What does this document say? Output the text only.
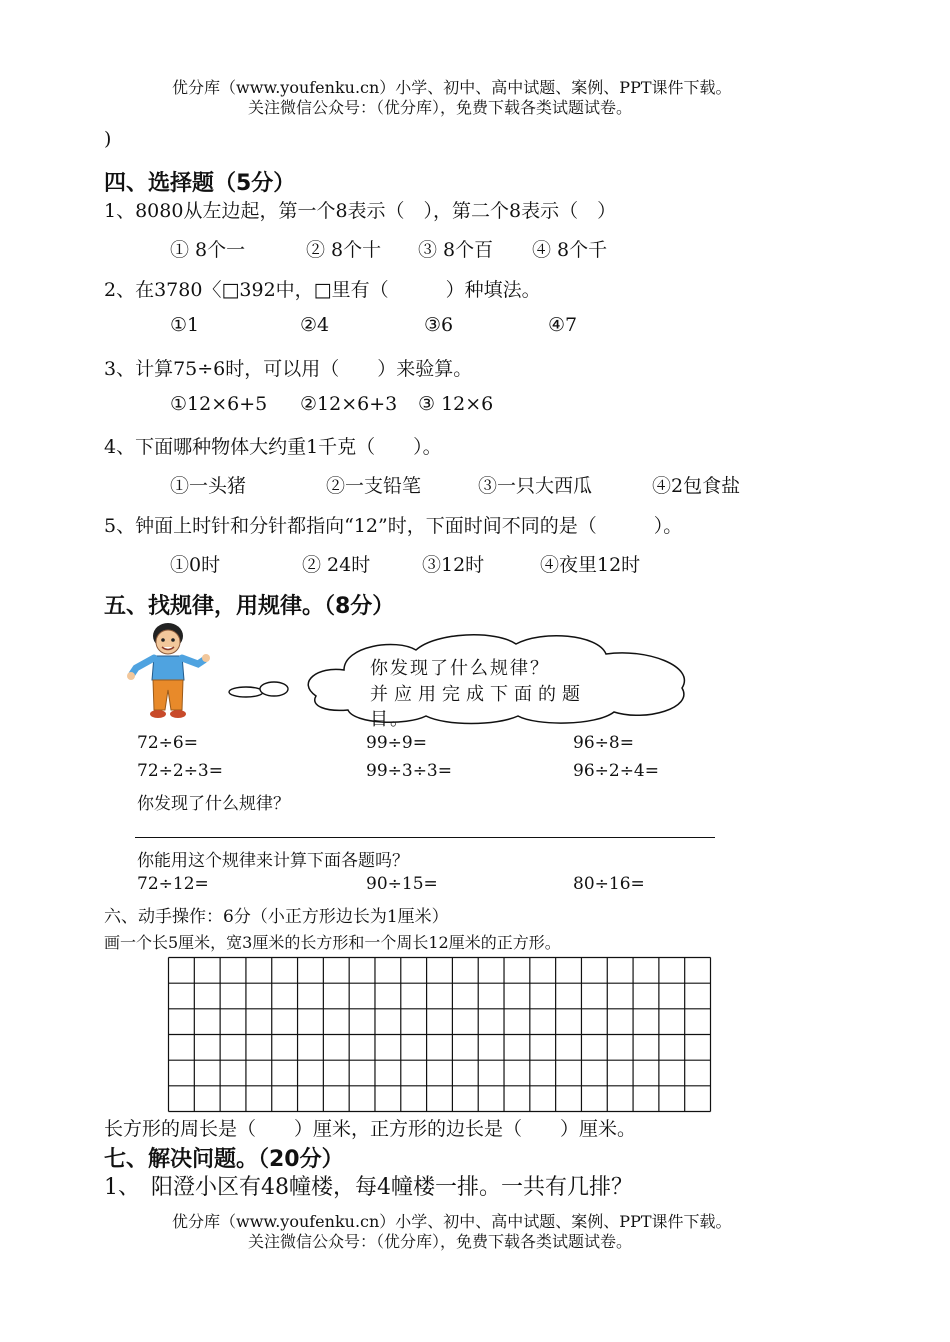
优分库（www.youfenku.cn）小学、初中、高中试题、案例、PPT课件下载。
关注微信公众号：（优分库），免费下载各类试题试卷。
)
四、选择题（5分）
1、8080从左边起，第一个8表示（　），第二个8表示（　）
① 8个一	② 8个十 ③ 8个百 ④ 8个千
2、在3780〈□392中，□里有（　　　）种填法。
①1	②4	③6	④7
3、计算75÷6时，可以用（　　）来验算。
①12×6+5 ②12×6+3 ③ 12×6
4、下面哪种物体大约重1千克（　　）。
①一头猪	②一支铅笔	③一只大西瓜	④2包食盐
5、钟面上时针和分针都指向“12”时，下面时间不同的是（　　　）。
①0时	② 24时	③12时	④夜里12时
五、找规律，用规律。（8分）
你发现了什么规律？
并应用完成下面的题
目。
72÷6=	99÷9=	96÷8=
72÷2÷3=	99÷3÷3=	96÷2÷4=
你发现了什么规律？
你能用这个规律来计算下面各题吗？
72÷12=	90÷15=	80÷16=
六、动手操作：6分（小正方形边长为1厘米）
画一个长5厘米，宽3厘米的长方形和一个周长12厘米的正方形。
长方形的周长是（　　）厘米，正方形的边长是（　　）厘米。
七、解决问题。（20分）
1、　阳澄小区有48幢楼，每4幢楼一排。一共有几排？
优分库（www.youfenku.cn）小学、初中、高中试题、案例、PPT课件下载。
关注微信公众号：（优分库），免费下载各类试题试卷。
